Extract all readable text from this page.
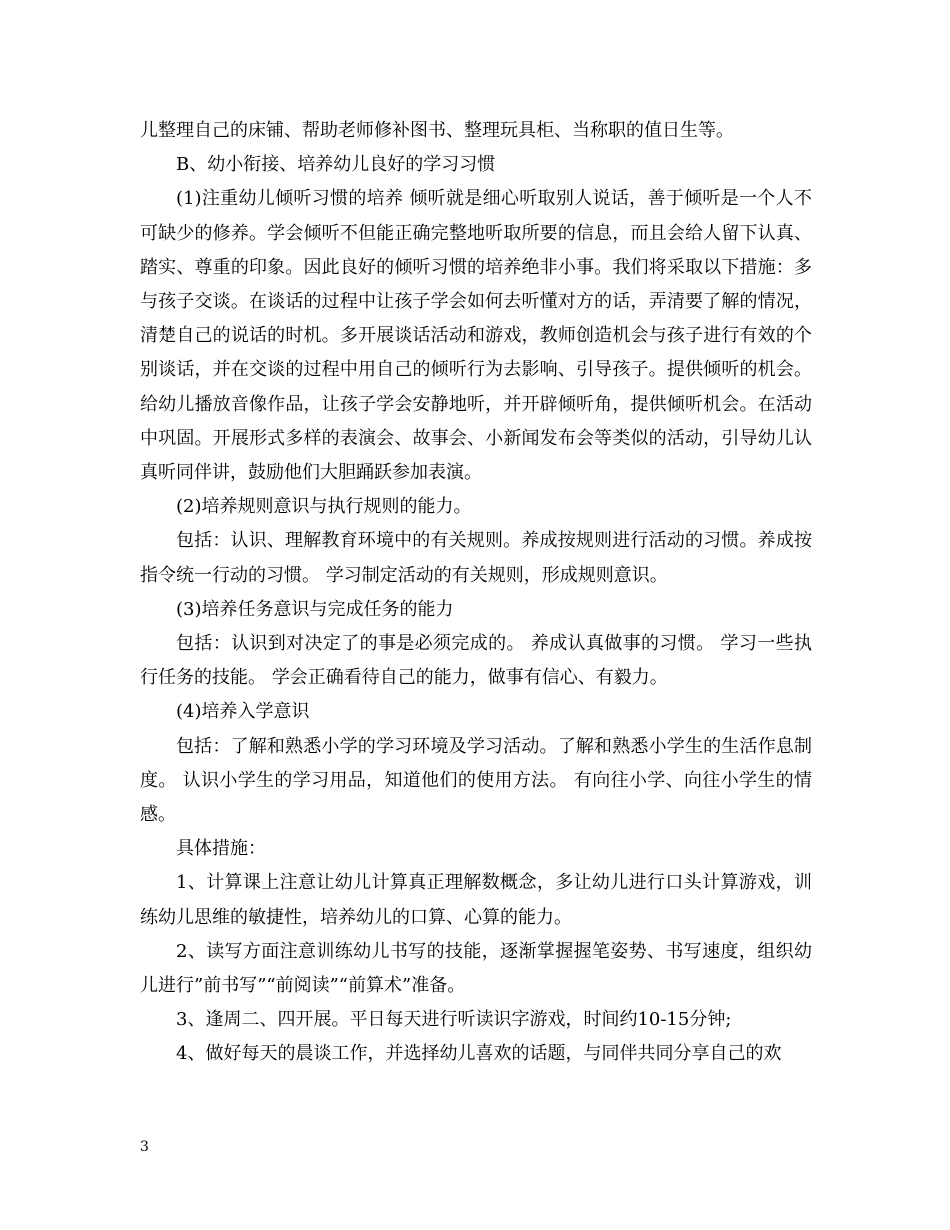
儿整理自己的床铺、帮助老师修补图书、整理玩具柜、当称职的值日生等。

B、幼小衔接、培养幼儿良好的学习习惯

(1)注重幼儿倾听习惯的培养 倾听就是细心听取别人说话，善于倾听是一个人不可缺少的修养。学会倾听不但能正确完整地听取所要的信息，而且会给人留下认真、踏实、尊重的印象。因此良好的倾听习惯的培养绝非小事。我们将采取以下措施：多与孩子交谈。在谈话的过程中让孩子学会如何去听懂对方的话，弄清要了解的情况，清楚自己的说话的时机。多开展谈话活动和游戏，教师创造机会与孩子进行有效的个别谈话，并在交谈的过程中用自己的倾听行为去影响、引导孩子。提供倾听的机会。给幼儿播放音像作品，让孩子学会安静地听，并开辟倾听角，提供倾听机会。在活动中巩固。开展形式多样的表演会、故事会、小新闻发布会等类似的活动，引导幼儿认真听同伴讲，鼓励他们大胆踊跃参加表演。

(2)培养规则意识与执行规则的能力。

包括：认识、理解教育环境中的有关规则。养成按规则进行活动的习惯。养成按指令统一行动的习惯。 学习制定活动的有关规则，形成规则意识。

(3)培养任务意识与完成任务的能力

包括：认识到对决定了的事是必须完成的。 养成认真做事的习惯。 学习一些执行任务的技能。 学会正确看待自己的能力，做事有信心、有毅力。

(4)培养入学意识

包括：了解和熟悉小学的学习环境及学习活动。了解和熟悉小学生的生活作息制度。 认识小学生的学习用品，知道他们的使用方法。 有向往小学、向往小学生的情感。

具体措施：

1、计算课上注意让幼儿计算真正理解数概念，多让幼儿进行口头计算游戏，训练幼儿思维的敏捷性，培养幼儿的口算、心算的能力。

2、读写方面注意训练幼儿书写的技能，逐渐掌握握笔姿势、书写速度，组织幼儿进行”前书写”“前阅读”“前算术”准备。

3、逢周二、四开展。平日每天进行听读识字游戏，时间约10-15分钟;

4、做好每天的晨谈工作，并选择幼儿喜欢的话题，与同伴共同分享自己的欢

3
